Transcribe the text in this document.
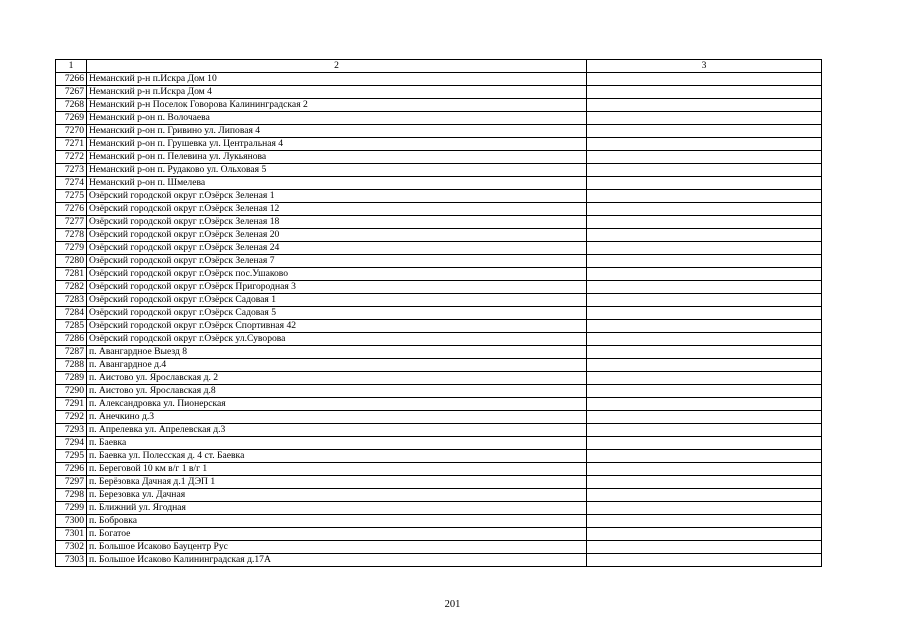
1	2	3
7266	Неманский р-н п.Искра Дом 10	
7267	Неманский р-н п.Искра Дом 4	
7268	Неманский р-н Поселок Говорова Калининградская 2	
7269	Неманский р-он п. Волочаева	
7270	Неманский р-он п. Гривино ул. Липовая 4	
7271	Неманский р-он п. Грушевка ул. Центральная 4	
7272	Неманский р-он п. Пелевина ул. Лукьянова	
7273	Неманский р-он п. Рудаково ул. Ольховая 5	
7274	Неманский р-он п. Шмелева	
7275	Озёрский городской округ г.Озёрск Зеленая 1	
7276	Озёрский городской округ г.Озёрск Зеленая 12	
7277	Озёрский городской округ г.Озёрск Зеленая 18	
7278	Озёрский городской округ г.Озёрск Зеленая 20	
7279	Озёрский городской округ г.Озёрск Зеленая 24	
7280	Озёрский городской округ г.Озёрск Зеленая 7	
7281	Озёрский городской округ г.Озёрск пос.Ушаково	
7282	Озёрский городской округ г.Озёрск Пригородная 3	
7283	Озёрский городской округ г.Озёрск Садовая 1	
7284	Озёрский городской округ г.Озёрск Садовая 5	
7285	Озёрский городской округ г.Озёрск Спортивная 42	
7286	Озёрский городской округ г.Озёрск ул.Суворова	
7287	п. Авангардное Выезд 8	
7288	п. Авангардное д.4	
7289	п. Аистово ул. Ярославская д. 2	
7290	п. Аистово ул. Ярославская д.8	
7291	п. Александровка ул. Пионерская	
7292	п. Анечкино д.3	
7293	п. Апрелевка ул. Апрелевская д.3	
7294	п. Баевка	
7295	п. Баевка ул. Полесская д. 4 ст. Баевка	
7296	п. Береговой 10 км в/г 1 в/г 1	
7297	п. Берёзовка Дачная д.1 ДЭП 1	
7298	п. Березовка ул. Дачная	
7299	п. Ближний ул. Ягодная	
7300	п. Бобровка	
7301	п. Богатое	
7302	п. Большое Исаково Бауцентр Рус	
7303	п. Большое Исаково Калининградская д.17А	
201
